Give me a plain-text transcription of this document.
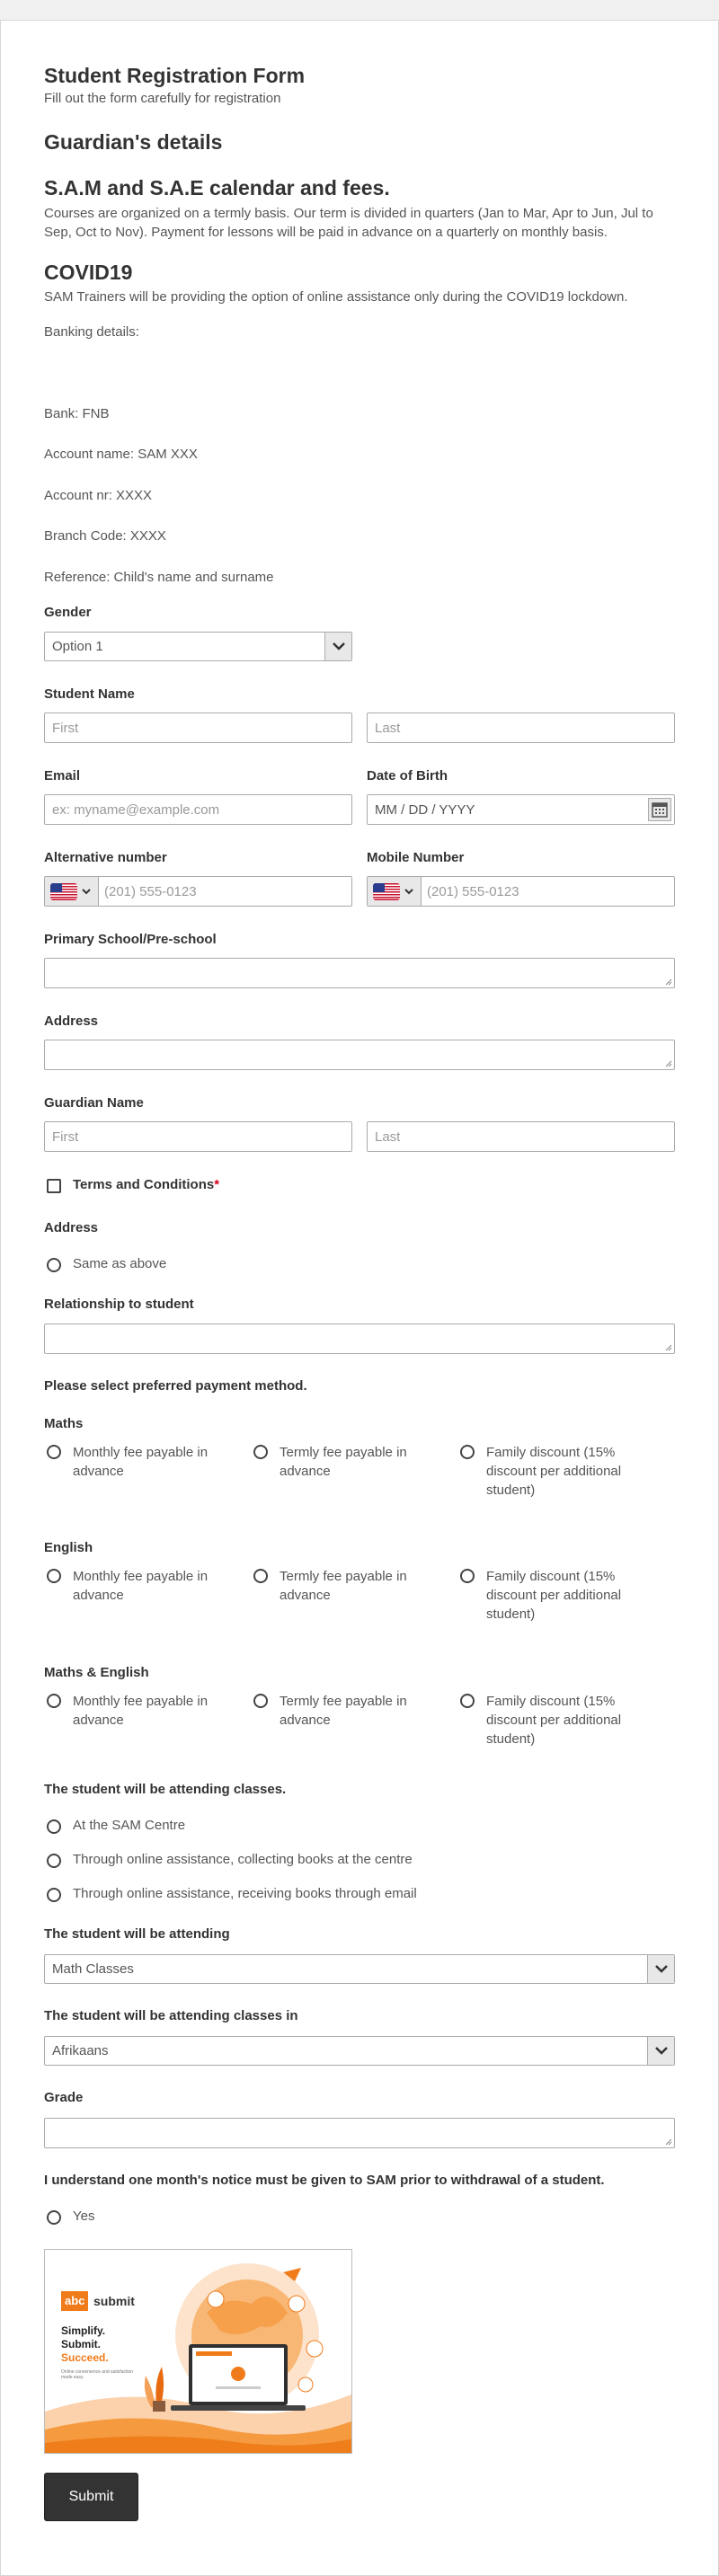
Student Registration Form
Fill out the form carefully for registration
Guardian's details
S.A.M and S.A.E calendar and fees.
Courses are organized on a termly basis. Our term is divided in quarters (Jan to Mar, Apr to Jun, Jul to Sep, Oct to Nov). Payment for lessons will be paid in advance on a quarterly on monthly basis.
COVID19
SAM Trainers will be providing the option of online assistance only during the COVID19 lockdown.
Banking details:
Bank: FNB
Account name: SAM XXX
Account nr: XXXX
Branch Code: XXXX
Reference: Child's name and surname
Gender
Option 1
Student Name
First	Last
Email
ex: myname@example.com
Date of Birth
MM / DD / YYYY
Alternative number
(201) 555-0123
Mobile Number
(201) 555-0123
Primary School/Pre-school
Address
Guardian Name
First	Last
Terms and Conditions*
Address
Same as above
Relationship to student
Please select preferred payment method.
Maths
Monthly fee payable in advance
Termly fee payable in advance
Family discount (15% discount per additional student)
English
Monthly fee payable in advance
Termly fee payable in advance
Family discount (15% discount per additional student)
Maths & English
Monthly fee payable in advance
Termly fee payable in advance
Family discount (15% discount per additional student)
The student will be attending classes.
At the SAM Centre
Through online assistance, collecting books at the centre
Through online assistance, receiving books through email
The student will be attending
Math Classes
The student will be attending classes in
Afrikaans
Grade
I understand one month's notice must be given to SAM prior to withdrawal of a student.
Yes
abc submit
Simplify.
Submit.
Succeed.
Online convenience and satisfaction made easy.
Submit
